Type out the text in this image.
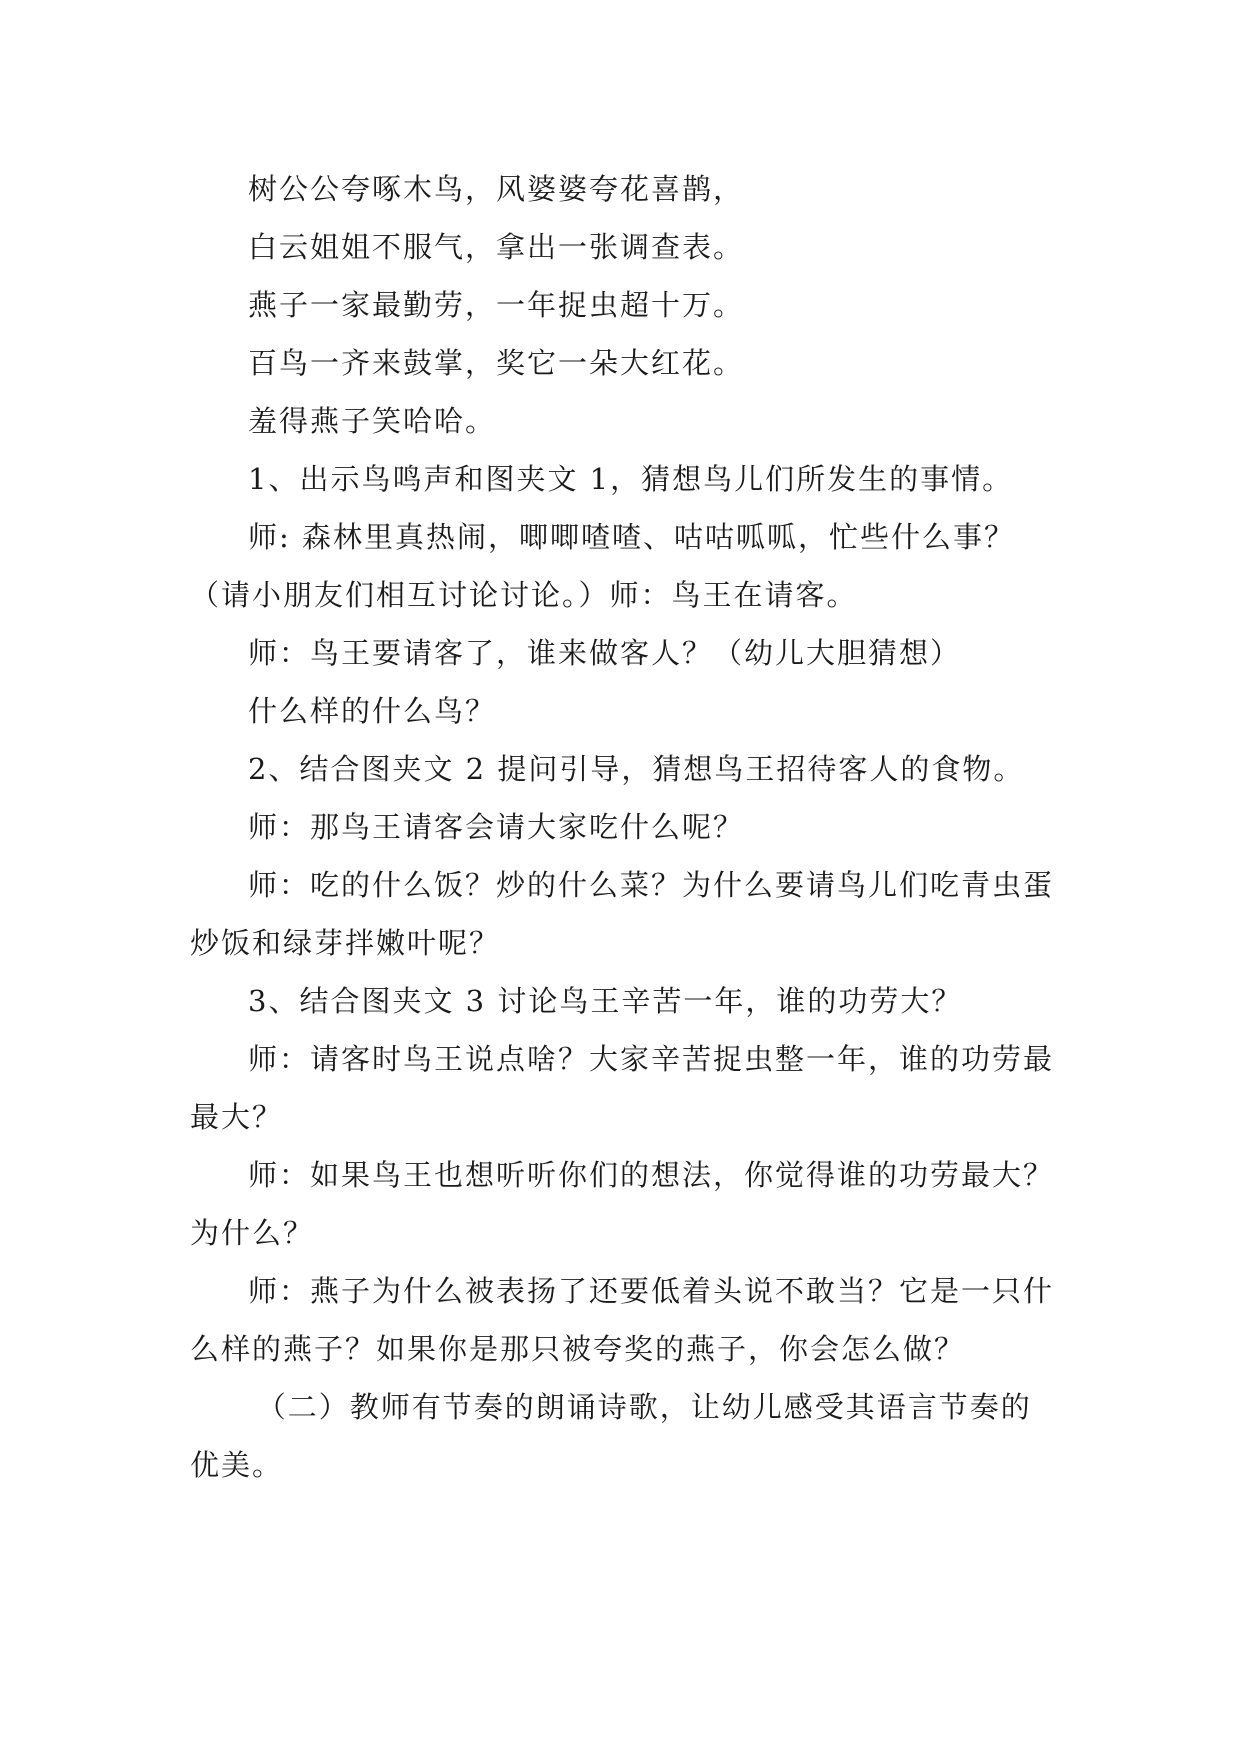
树公公夸啄木鸟，风婆婆夸花喜鹊，

白云姐姐不服气，拿出一张调查表。

燕子一家最勤劳，一年捉虫超十万。

百鸟一齐来鼓掌，奖它一朵大红花。

羞得燕子笑哈哈。

1、出示鸟鸣声和图夹文 1，猜想鸟儿们所发生的事情。

师: 森林里真热闹，唧唧喳喳、咕咕呱呱，忙些什么事？

（请小朋友们相互讨论讨论。）师：鸟王在请客。

师：鸟王要请客了，谁来做客人？（幼儿大胆猜想）

什么样的什么鸟？

2、结合图夹文 2 提问引导，猜想鸟王招待客人的食物。

师：那鸟王请客会请大家吃什么呢？

师：吃的什么饭？炒的什么菜？为什么要请鸟儿们吃青虫蛋炒饭和绿芽拌嫩叶呢？

3、结合图夹文 3 讨论鸟王辛苦一年，谁的功劳大？

师：请客时鸟王说点啥？大家辛苦捉虫整一年，谁的功劳最最大？

师：如果鸟王也想听听你们的想法，你觉得谁的功劳最大？为什么？

师：燕子为什么被表扬了还要低着头说不敢当？它是一只什么样的燕子？如果你是那只被夸奖的燕子，你会怎么做？

（二）教师有节奏的朗诵诗歌，让幼儿感受其语言节奏的优美。
